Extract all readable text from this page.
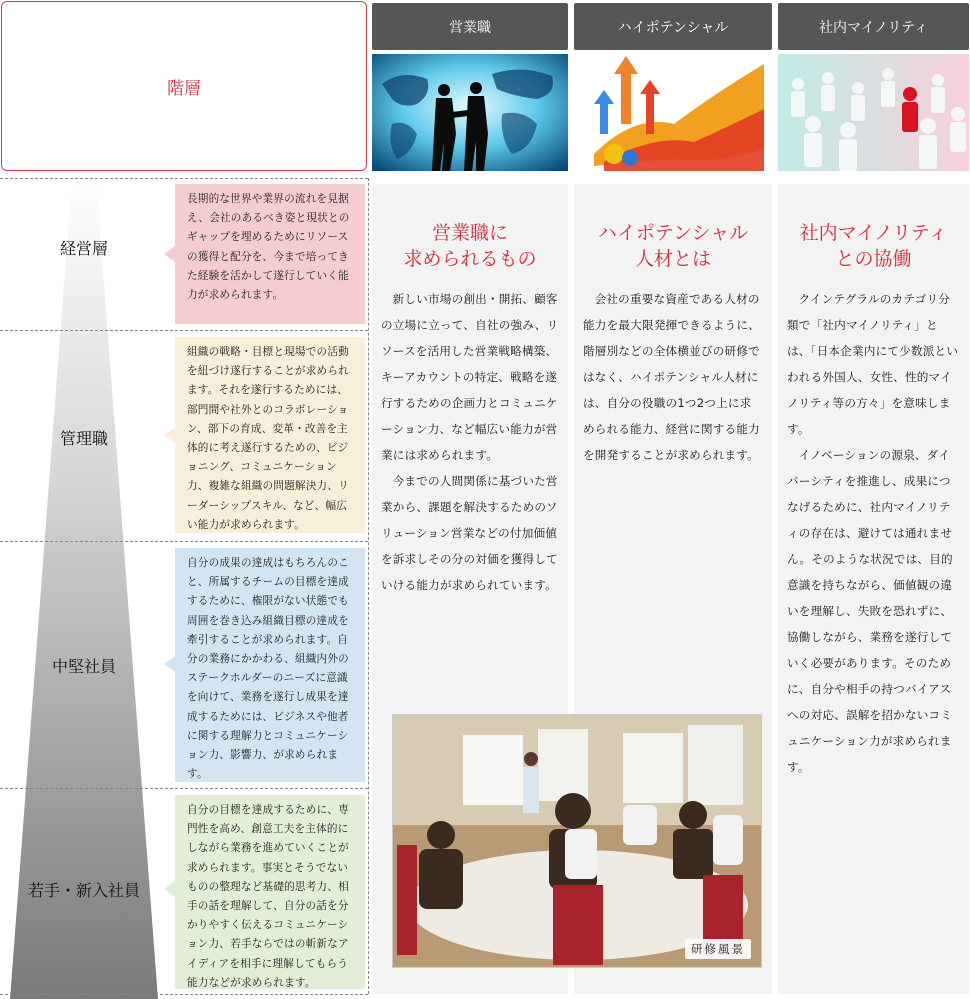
階層
経営層
管理職
中堅社員
若手・新入社員
長期的な世界や業界の流れを見据え、会社のあるべき姿と現状とのギャップを埋めるためにリソースの獲得と配分を、今まで培ってきた経験を活かして遂行していく能力が求められます。
組織の戦略・目標と現場での活動を紐づけ遂行することが求められます。それを遂行するためには、部門間や社外とのコラボレーション、部下の育成、変革・改善を主体的に考え遂行するための、ビジョニング、コミュニケーション力、複雑な組織の問題解決力、リーダーシップスキル、など、幅広い能力が求められます。
自分の成果の達成はもちろんのこと、所属するチームの目標を達成するために、権限がない状態でも周囲を巻き込み組織目標の達成を牽引することが求められます。自分の業務にかかわる、組織内外のステークホルダーのニーズに意識を向けて、業務を遂行し成果を達成するためには、ビジネスや他者に関する理解力とコミュニケーション力、影響力、が求められます。
自分の目標を達成するために、専門性を高め、創意工夫を主体的にしながら業務を進めていくことが求められます。事実とそうでないものの整理など基礎的思考力、相手の話を理解して、自分の話を分かりやすく伝えるコミュニケーション力、若手ならではの斬新なアイディアを相手に理解してもらう能力などが求められます。
営業職	ハイポテンシャル	社内マイノリティ
営業職に
求められるもの

新しい市場の創出・開拓、顧客の立場に立って、自社の強み、リソースを活用した営業戦略構築、キーアカウントの特定、戦略を遂行するための企画力とコミュニケーション力、など幅広い能力が営業には求められます。

今までの人間関係に基づいた営業から、課題を解決するためのソリューション営業などの付加価値を訴求しその分の対価を獲得していける能力が求められています。

ハイポテンシャル
人材とは

会社の重要な資産である人材の能力を最大限発揮できるように、階層別などの全体横並びの研修ではなく、ハイポテンシャル人材には、自分の役職の1つ2つ上に求められる能力、経営に関する能力を開発することが求められます。

社内マイノリティ
との協働

クインテグラルのカテゴリ分類で「社内マイノリティ」とは、「日本企業内にて少数派といわれる外国人、女性、性的マイノリティ等の方々」を意味します。

イノベーションの源泉、ダイバーシティを推進し、成果につなげるために、社内マイノリティの存在は、避けては通れません。そのような状況では、目的意識を持ちながら、価値観の違いを理解し、失敗を恐れずに、協働しながら、業務を遂行していく必要があります。そのために、自分や相手の持つバイアスへの対応、誤解を招かないコミュニケーション力が求められます。

研修風景
